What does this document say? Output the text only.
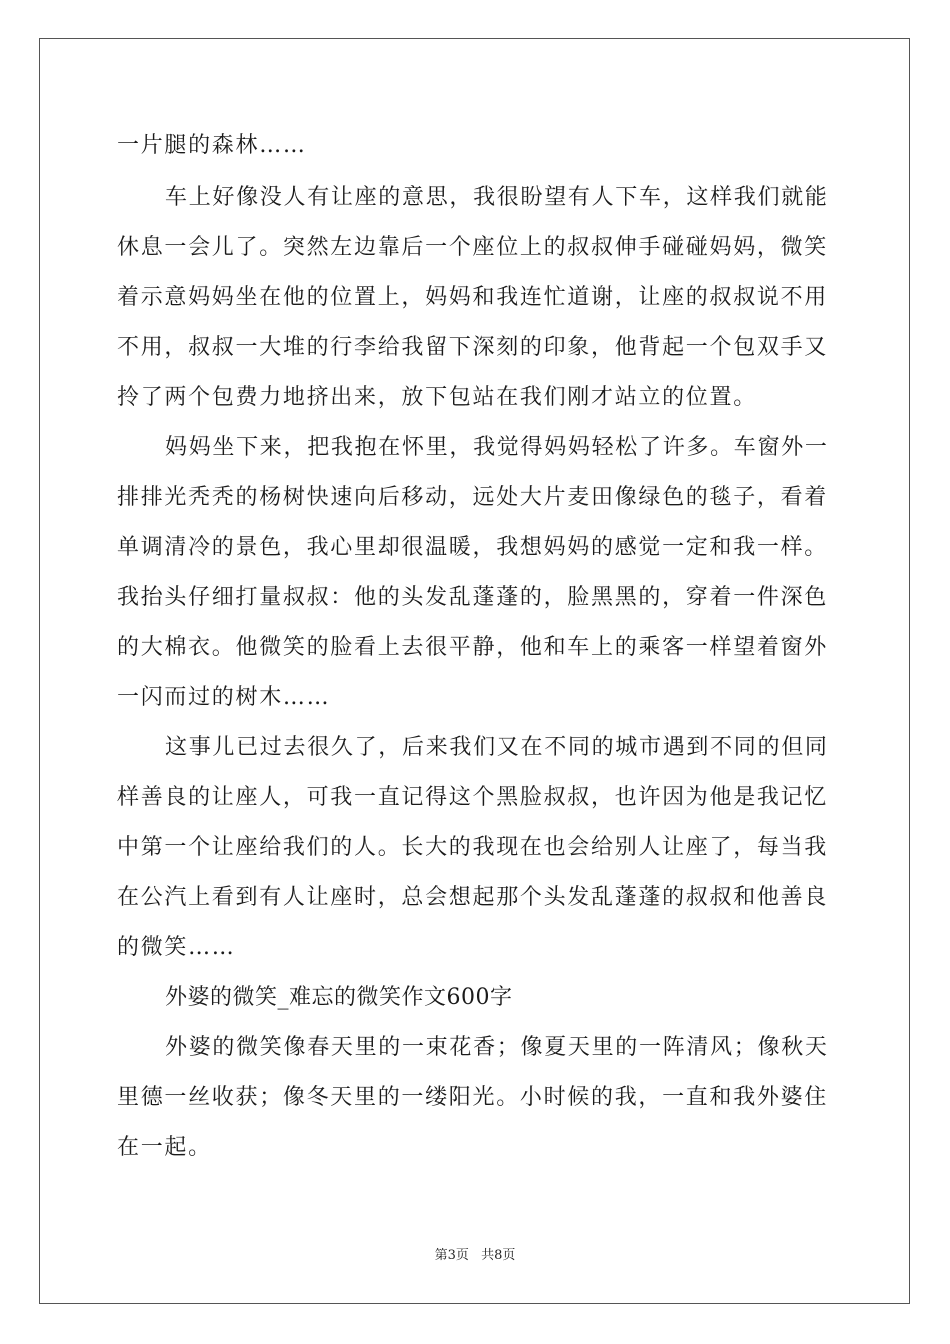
一片腿的森林……
车上好像没人有让座的意思，我很盼望有人下车，这样我们就能
休息一会儿了。突然左边靠后一个座位上的叔叔伸手碰碰妈妈，微笑
着示意妈妈坐在他的位置上，妈妈和我连忙道谢，让座的叔叔说不用
不用，叔叔一大堆的行李给我留下深刻的印象，他背起一个包双手又
拎了两个包费力地挤出来，放下包站在我们刚才站立的位置。
妈妈坐下来，把我抱在怀里，我觉得妈妈轻松了许多。车窗外一
排排光秃秃的杨树快速向后移动，远处大片麦田像绿色的毯子，看着
单调清冷的景色，我心里却很温暖，我想妈妈的感觉一定和我一样。
我抬头仔细打量叔叔：他的头发乱蓬蓬的，脸黑黑的，穿着一件深色
的大棉衣。他微笑的脸看上去很平静，他和车上的乘客一样望着窗外
一闪而过的树木……
这事儿已过去很久了，后来我们又在不同的城市遇到不同的但同
样善良的让座人，可我一直记得这个黑脸叔叔，也许因为他是我记忆
中第一个让座给我们的人。长大的我现在也会给别人让座了，每当我
在公汽上看到有人让座时，总会想起那个头发乱蓬蓬的叔叔和他善良
的微笑……
外婆的微笑_难忘的微笑作文600字
外婆的微笑像春天里的一束花香；像夏天里的一阵清风；像秋天
里德一丝收获；像冬天里的一缕阳光。小时候的我，一直和我外婆住
在一起。
第3页 共8页
